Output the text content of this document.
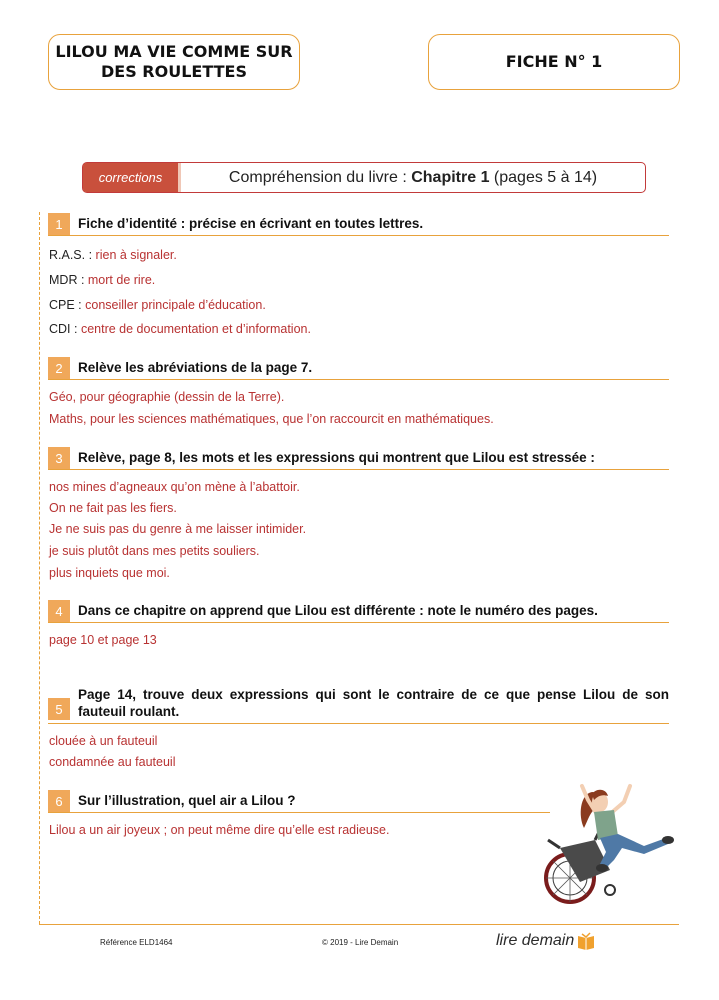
LILOU MA VIE COMME SUR DES ROULETTES
FICHE N° 1
corrections	Compréhension du livre : Chapitre 1 (pages 5 à 14)
1	Fiche d’identité : précise en écrivant en toutes lettres.
R.A.S. : rien à signaler.
MDR : mort de rire.
CPE : conseiller principale d’éducation.
CDI : centre de documentation et d’information.
2	Relève les abréviations de la page 7.
Géo, pour géographie (dessin de la Terre).
Maths, pour les sciences mathématiques, que l’on raccourcit en mathématiques.
3	Relève, page 8, les mots et les expressions qui montrent que Lilou est stressée :
nos mines d’agneaux qu’on mène à l’abattoir.
On ne fait pas les fiers.
Je ne suis pas du genre à me laisser intimider.
je suis plutôt dans mes petits souliers.
plus inquiets que moi.
4	Dans ce chapitre on apprend que Lilou est différente : note le numéro des pages.
page 10 et page 13
5
Page 14, trouve deux expressions qui sont le contraire de ce que pense Lilou de son fauteuil roulant.
clouée à un fauteuil
condamnée au fauteuil
6	Sur l’illustration, quel air a Lilou ?
Lilou a un air joyeux ; on peut même dire qu’elle est radieuse.
Référence ELD1464	© 2019 - Lire Demain	lire demain
